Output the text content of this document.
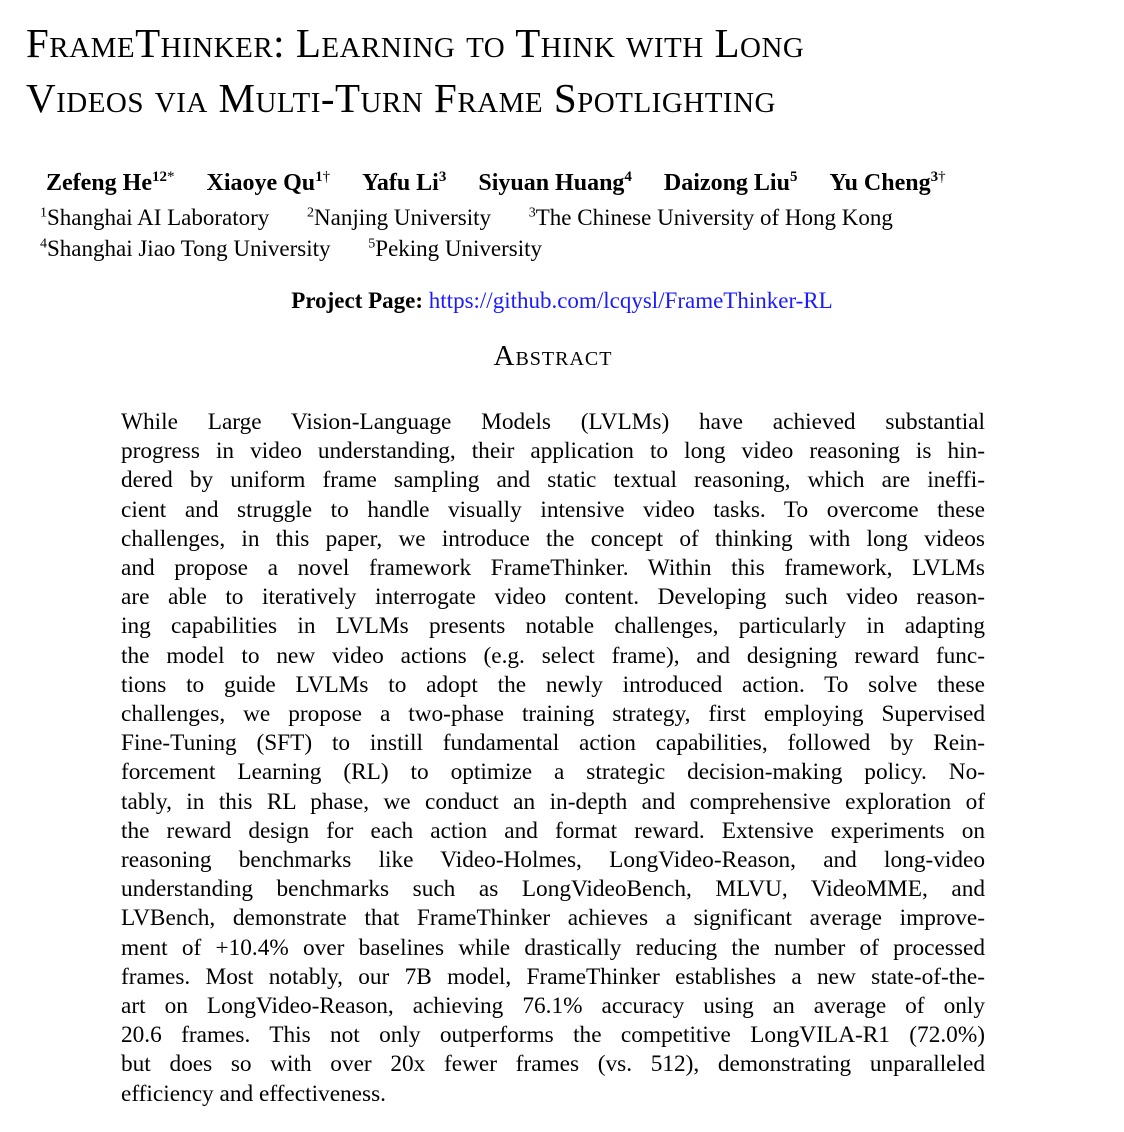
FrameThinker: Learning to Think with Long
Videos via Multi-Turn Frame Spotlighting
Zefeng $He^{12*}$ Xiaoye $Qu^{1\dagger}$ Yafu Li$^3$ Siyuan Huang$^4$ Daizong Liu$^5$ Yu Cheng$^{3\dagger}$
$^1$Shanghai AI Laboratory	$^2$Nanjing University	$^3$The Chinese University of Hong Kong
$^4$Shanghai Jiao Tong University	$^5$Peking University
Project Page: https://github.com/lcqysl/FrameThinker-RL
Abstract
While Large Vision-Language Models (LVLMs) have achieved substantial
progress in video understanding, their application to long video reasoning is hin-
dered by uniform frame sampling and static textual reasoning, which are ineffi-
cient and struggle to handle visually intensive video tasks. To overcome these
challenges, in this paper, we introduce the concept of thinking with long videos
and propose a novel framework FrameThinker. Within this framework, LVLMs
are able to iteratively interrogate video content. Developing such video reason-
ing capabilities in LVLMs presents notable challenges, particularly in adapting
the model to new video actions (e.g. select frame), and designing reward func-
tions to guide LVLMs to adopt the newly introduced action. To solve these
challenges, we propose a two-phase training strategy, first employing Supervised
Fine-Tuning (SFT) to instill fundamental action capabilities, followed by Rein-
forcement Learning (RL) to optimize a strategic decision-making policy. No-
tably, in this RL phase, we conduct an in-depth and comprehensive exploration of
the reward design for each action and format reward. Extensive experiments on
reasoning benchmarks like Video-Holmes, LongVideo-Reason, and long-video
understanding benchmarks such as LongVideoBench, MLVU, VideoMME, and
LVBench, demonstrate that FrameThinker achieves a significant average improve-
ment of +10.4% over baselines while drastically reducing the number of processed
frames. Most notably, our 7B model, FrameThinker establishes a new state-of-the-
art on LongVideo-Reason, achieving 76.1% accuracy using an average of only
20.6 frames. This not only outperforms the competitive LongVILA-R1 (72.0%)
but does so with over 20x fewer frames (vs. 512), demonstrating unparalleled
efficiency and effectiveness.
